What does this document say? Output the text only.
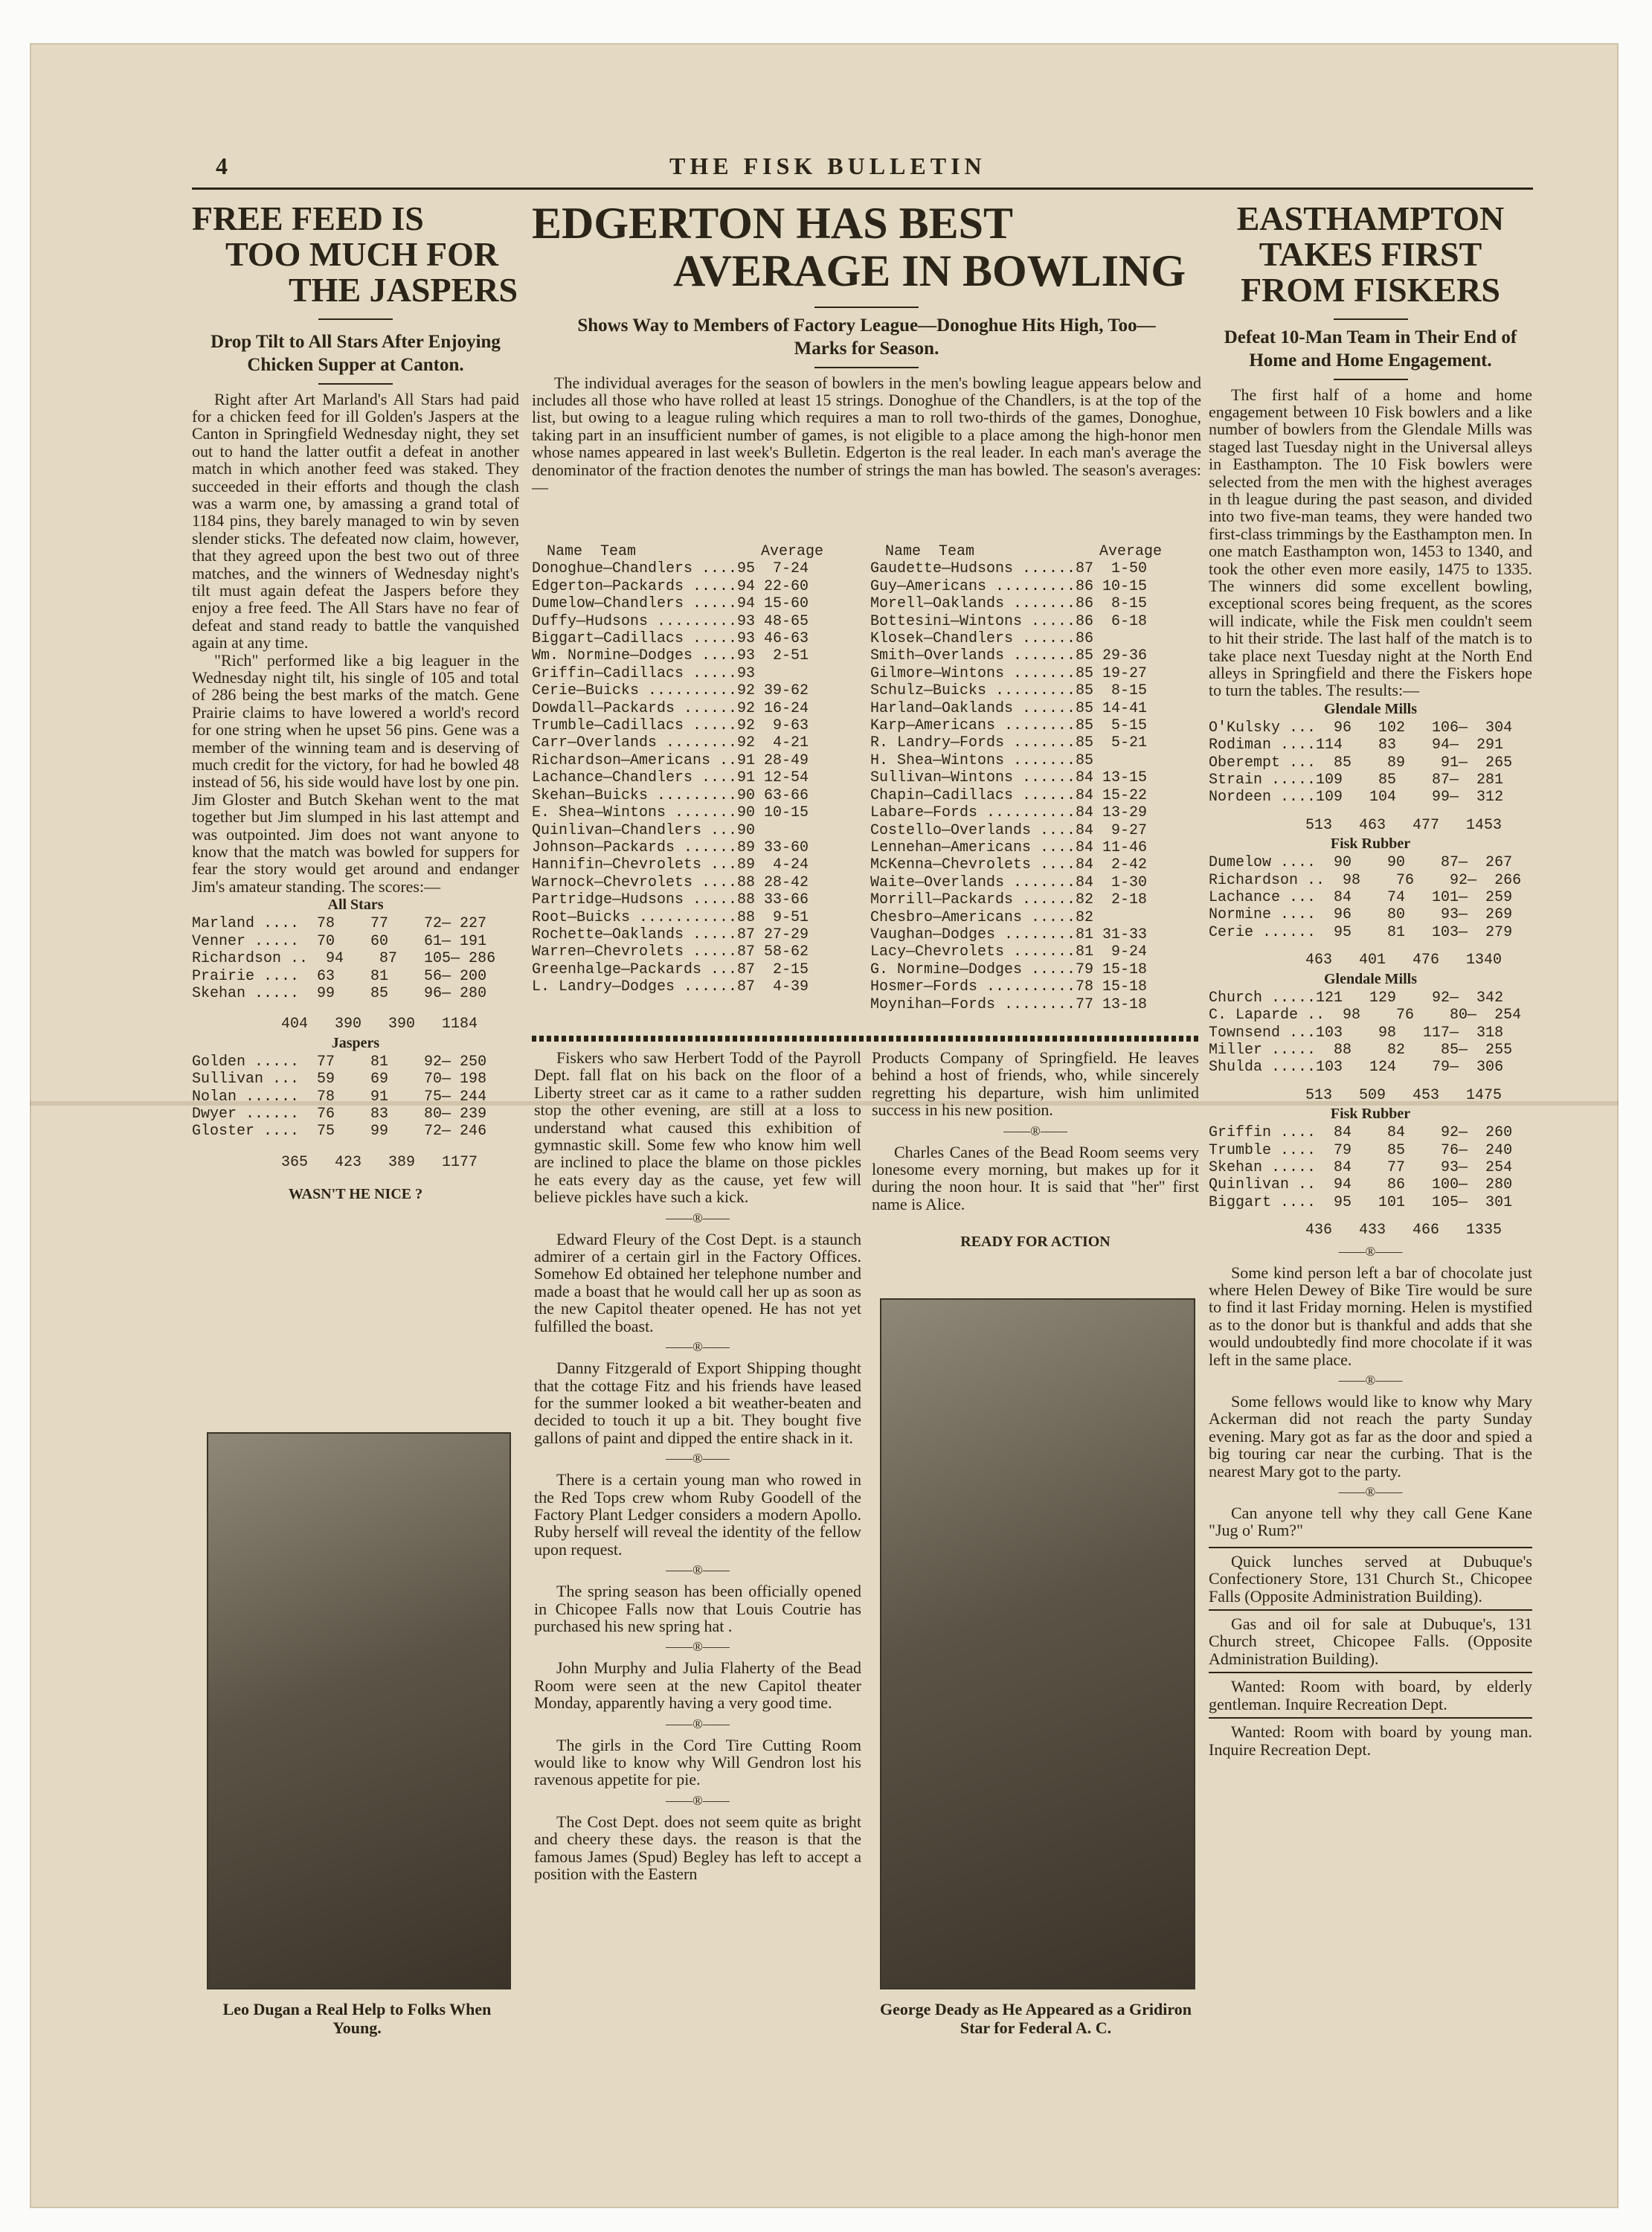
4	THE FISK BULLETIN
FREE FEED IS
TOO MUCH FOR
THE JASPERS

Drop Tilt to All Stars After Enjoying Chicken Supper at Canton.

Right after Art Marland's All Stars had paid for a chicken feed for ill Golden's Jaspers at the Canton in Springfield Wednesday night, they set out to hand the latter outfit a defeat in another match in which another feed was staked. They succeeded in their efforts and though the clash was a warm one, by amassing a grand total of 1184 pins, they barely managed to win by seven slender sticks. The defeated now claim, however, that they agreed upon the best two out of three matches, and the winners of Wednesday night's tilt must again defeat the Jaspers before they enjoy a free feed. The All Stars have no fear of defeat and stand ready to battle the vanquished again at any time.

"Rich" performed like a big leaguer in the Wednesday night tilt, his single of 105 and total of 286 being the best marks of the match. Gene Prairie claims to have lowered a world's record for one string when he upset 56 pins. Gene was a member of the winning team and is deserving of much credit for the victory, for had he bowled 48 instead of 56, his side would have lost by one pin. Jim Gloster and Butch Skehan went to the mat together but Jim slumped in his last attempt and was outpointed. Jim does not want anyone to know that the match was bowled for suppers for fear the story would get around and endanger Jim's amateur standing. The scores:—

All Stars
Marland ....  78    77    72— 227
Venner .....  70    60    61— 191
Richardson ..  94    87   105— 286
Prairie ....  63    81    56— 200
Skehan .....  99    85    96— 280
404   390   390   1184
Jaspers
Golden .....  77    81    92— 250
Sullivan ...  59    69    70— 198
Nolan ......  78    91    75— 244
Dwyer ......  76    83    80— 239
Gloster ....  75    99    72— 246
365   423   389   1177
WASN'T HE NICE ?
Leo Dugan a Real Help to Folks When Young.
EDGERTON HAS BEST
AVERAGE IN BOWLING

Shows Way to Members of Factory League—Donoghue Hits High, Too—Marks for Season.

The individual averages for the season of bowlers in the men's bowling league appears below and includes all those who have rolled at least 15 strings. Donoghue of the Chandlers, is at the top of the list, but owing to a league ruling which requires a man to roll two-thirds of the games, Donoghue, taking part in an insufficient number of games, is not eligible to a place among the high-honor men whose names appeared in last week's Bulletin. Edgerton is the real leader. In each man's average the denominator of the fraction denotes the number of strings the man has bowled. The season's averages:—

Name  Team              Average
Donoghue—Chandlers ....95  7-24
Edgerton—Packards .....94 22-60
Dumelow—Chandlers .....94 15-60
Duffy—Hudsons .........93 48-65
Biggart—Cadillacs .....93 46-63
Wm. Normine—Dodges ....93  2-51
Griffin—Cadillacs .....93
Cerie—Buicks ..........92 39-62
Dowdall—Packards ......92 16-24
Trumble—Cadillacs .....92  9-63
Carr—Overlands ........92  4-21
Richardson—Americans ..91 28-49
Lachance—Chandlers ....91 12-54
Skehan—Buicks .........90 63-66
E. Shea—Wintons .......90 10-15
Quinlivan—Chandlers ...90
Johnson—Packards ......89 33-60
Hannifin—Chevrolets ...89  4-24
Warnock—Chevrolets ....88 28-42
Partridge—Hudsons .....88 33-66
Root—Buicks ...........88  9-51
Rochette—Oaklands .....87 27-29
Warren—Chevrolets .....87 58-62
Greenhalge—Packards ...87  2-15
L. Landry—Dodges ......87  4-39
Name  Team              Average
Gaudette—Hudsons ......87  1-50
Guy—Americans .........86 10-15
Morell—Oaklands .......86  8-15
Bottesini—Wintons .....86  6-18
Klosek—Chandlers ......86
Smith—Overlands .......85 29-36
Gilmore—Wintons .......85 19-27
Schulz—Buicks .........85  8-15
Harland—Oaklands ......85 14-41
Karp—Americans ........85  5-15
R. Landry—Fords .......85  5-21
H. Shea—Wintons .......85
Sullivan—Wintons ......84 13-15
Chapin—Cadillacs ......84 15-22
Labare—Fords ..........84 13-29
Costello—Overlands ....84  9-27
Lennehan—Americans ....84 11-46
McKenna—Chevrolets ....84  2-42
Waite—Overlands .......84  1-30
Morrill—Packards ......82  2-18
Chesbro—Americans .....82
Vaughan—Dodges ........81 31-33
Lacy—Chevrolets .......81  9-24
G. Normine—Dodges .....79 15-18
Hosmer—Fords ..........78 15-18
Moynihan—Fords ........77 13-18

Fiskers who saw Herbert Todd of the Payroll Dept. fall flat on his back on the floor of a Liberty street car as it came to a rather sudden stop the other evening, are still at a loss to understand what caused this exhibition of gymnastic skill. Some few who know him well are inclined to place the blame on those pickles he eats every day as the cause, yet few will believe pickles have such a kick.

——®——

Edward Fleury of the Cost Dept. is a staunch admirer of a certain girl in the Factory Offices. Somehow Ed obtained her telephone number and made a boast that he would call her up as soon as the new Capitol theater opened. He has not yet fulfilled the boast.

——®——

Danny Fitzgerald of Export Shipping thought that the cottage Fitz and his friends have leased for the summer looked a bit weather-beaten and decided to touch it up a bit. They bought five gallons of paint and dipped the entire shack in it.

——®——

There is a certain young man who rowed in the Red Tops crew whom Ruby Goodell of the Factory Plant Ledger considers a modern Apollo. Ruby herself will reveal the identity of the fellow upon request.

——®——

The spring season has been officially opened in Chicopee Falls now that Louis Coutrie has purchased his new spring hat .

——®——

John Murphy and Julia Flaherty of the Bead Room were seen at the new Capitol theater Monday, apparently having a very good time.

——®——

The girls in the Cord Tire Cutting Room would like to know why Will Gendron lost his ravenous appetite for pie.

——®——

The Cost Dept. does not seem quite as bright and cheery these days. the reason is that the famous James (Spud) Begley has left to accept a position with the Eastern

Products Company of Springfield. He leaves behind a host of friends, who, while sincerely regretting his departure, wish him unlimited success in his new position.

——®——

Charles Canes of the Bead Room seems very lonesome every morning, but makes up for it during the noon hour. It is said that "her" first name is Alice.

READY FOR ACTION
George Deady as He Appeared as a Gridiron Star for Federal A. C.
EASTHAMPTON
TAKES FIRST
FROM FISKERS

Defeat 10-Man Team in Their End of Home and Home Engagement.

The first half of a home and home engagement between 10 Fisk bowlers and a like number of bowlers from the Glendale Mills was staged last Tuesday night in the Universal alleys in Easthampton. The 10 Fisk bowlers were selected from the men with the highest averages in th league during the past season, and divided into two five-man teams, they were handed two first-class trimmings by the Easthampton men. In one match Easthampton won, 1453 to 1340, and took the other even more easily, 1475 to 1335. The winners did some excellent bowling, exceptional scores being frequent, as the scores will indicate, while the Fisk men couldn't seem to hit their stride. The last half of the match is to take place next Tuesday night at the North End alleys in Springfield and there the Fiskers hope to turn the tables. The results:—

Glendale Mills
O'Kulsky ...  96   102   106—  304
Rodiman ....114    83    94—  291
Oberempt ...  85    89    91—  265
Strain .....109    85    87—  281
Nordeen ....109   104    99—  312
513   463   477   1453
Fisk Rubber
Dumelow ....  90    90    87—  267
Richardson ..  98    76    92—  266
Lachance ...  84    74   101—  259
Normine ....  96    80    93—  269
Cerie ......  95    81   103—  279
463   401   476   1340
Glendale Mills
Church .....121   129    92—  342
C. Laparde ..  98    76    80—  254
Townsend ...103    98   117—  318
Miller .....  88    82    85—  255
Shulda .....103   124    79—  306
513   509   453   1475
Fisk Rubber
Griffin ....  84    84    92—  260
Trumble ....  79    85    76—  240
Skehan .....  84    77    93—  254
Quinlivan ..  94    86   100—  280
Biggart ....  95   101   105—  301
436   433   466   1335
——®——

Some kind person left a bar of chocolate just where Helen Dewey of Bike Tire would be sure to find it last Friday morning. Helen is mystified as to the donor but is thankful and adds that she would undoubtedly find more chocolate if it was left in the same place.

——®——

Some fellows would like to know why Mary Ackerman did not reach the party Sunday evening. Mary got as far as the door and spied a big touring car near the curbing. That is the nearest Mary got to the party.

——®——

Can anyone tell why they call Gene Kane "Jug o' Rum?"

Quick lunches served at Dubuque's Confectionery Store, 131 Church St., Chicopee Falls (Opposite Administration Building).

Gas and oil for sale at Dubuque's, 131 Church street, Chicopee Falls. (Opposite Administration Building).

Wanted: Room with board, by elderly gentleman. Inquire Recreation Dept.

Wanted: Room with board by young man. Inquire Recreation Dept.
